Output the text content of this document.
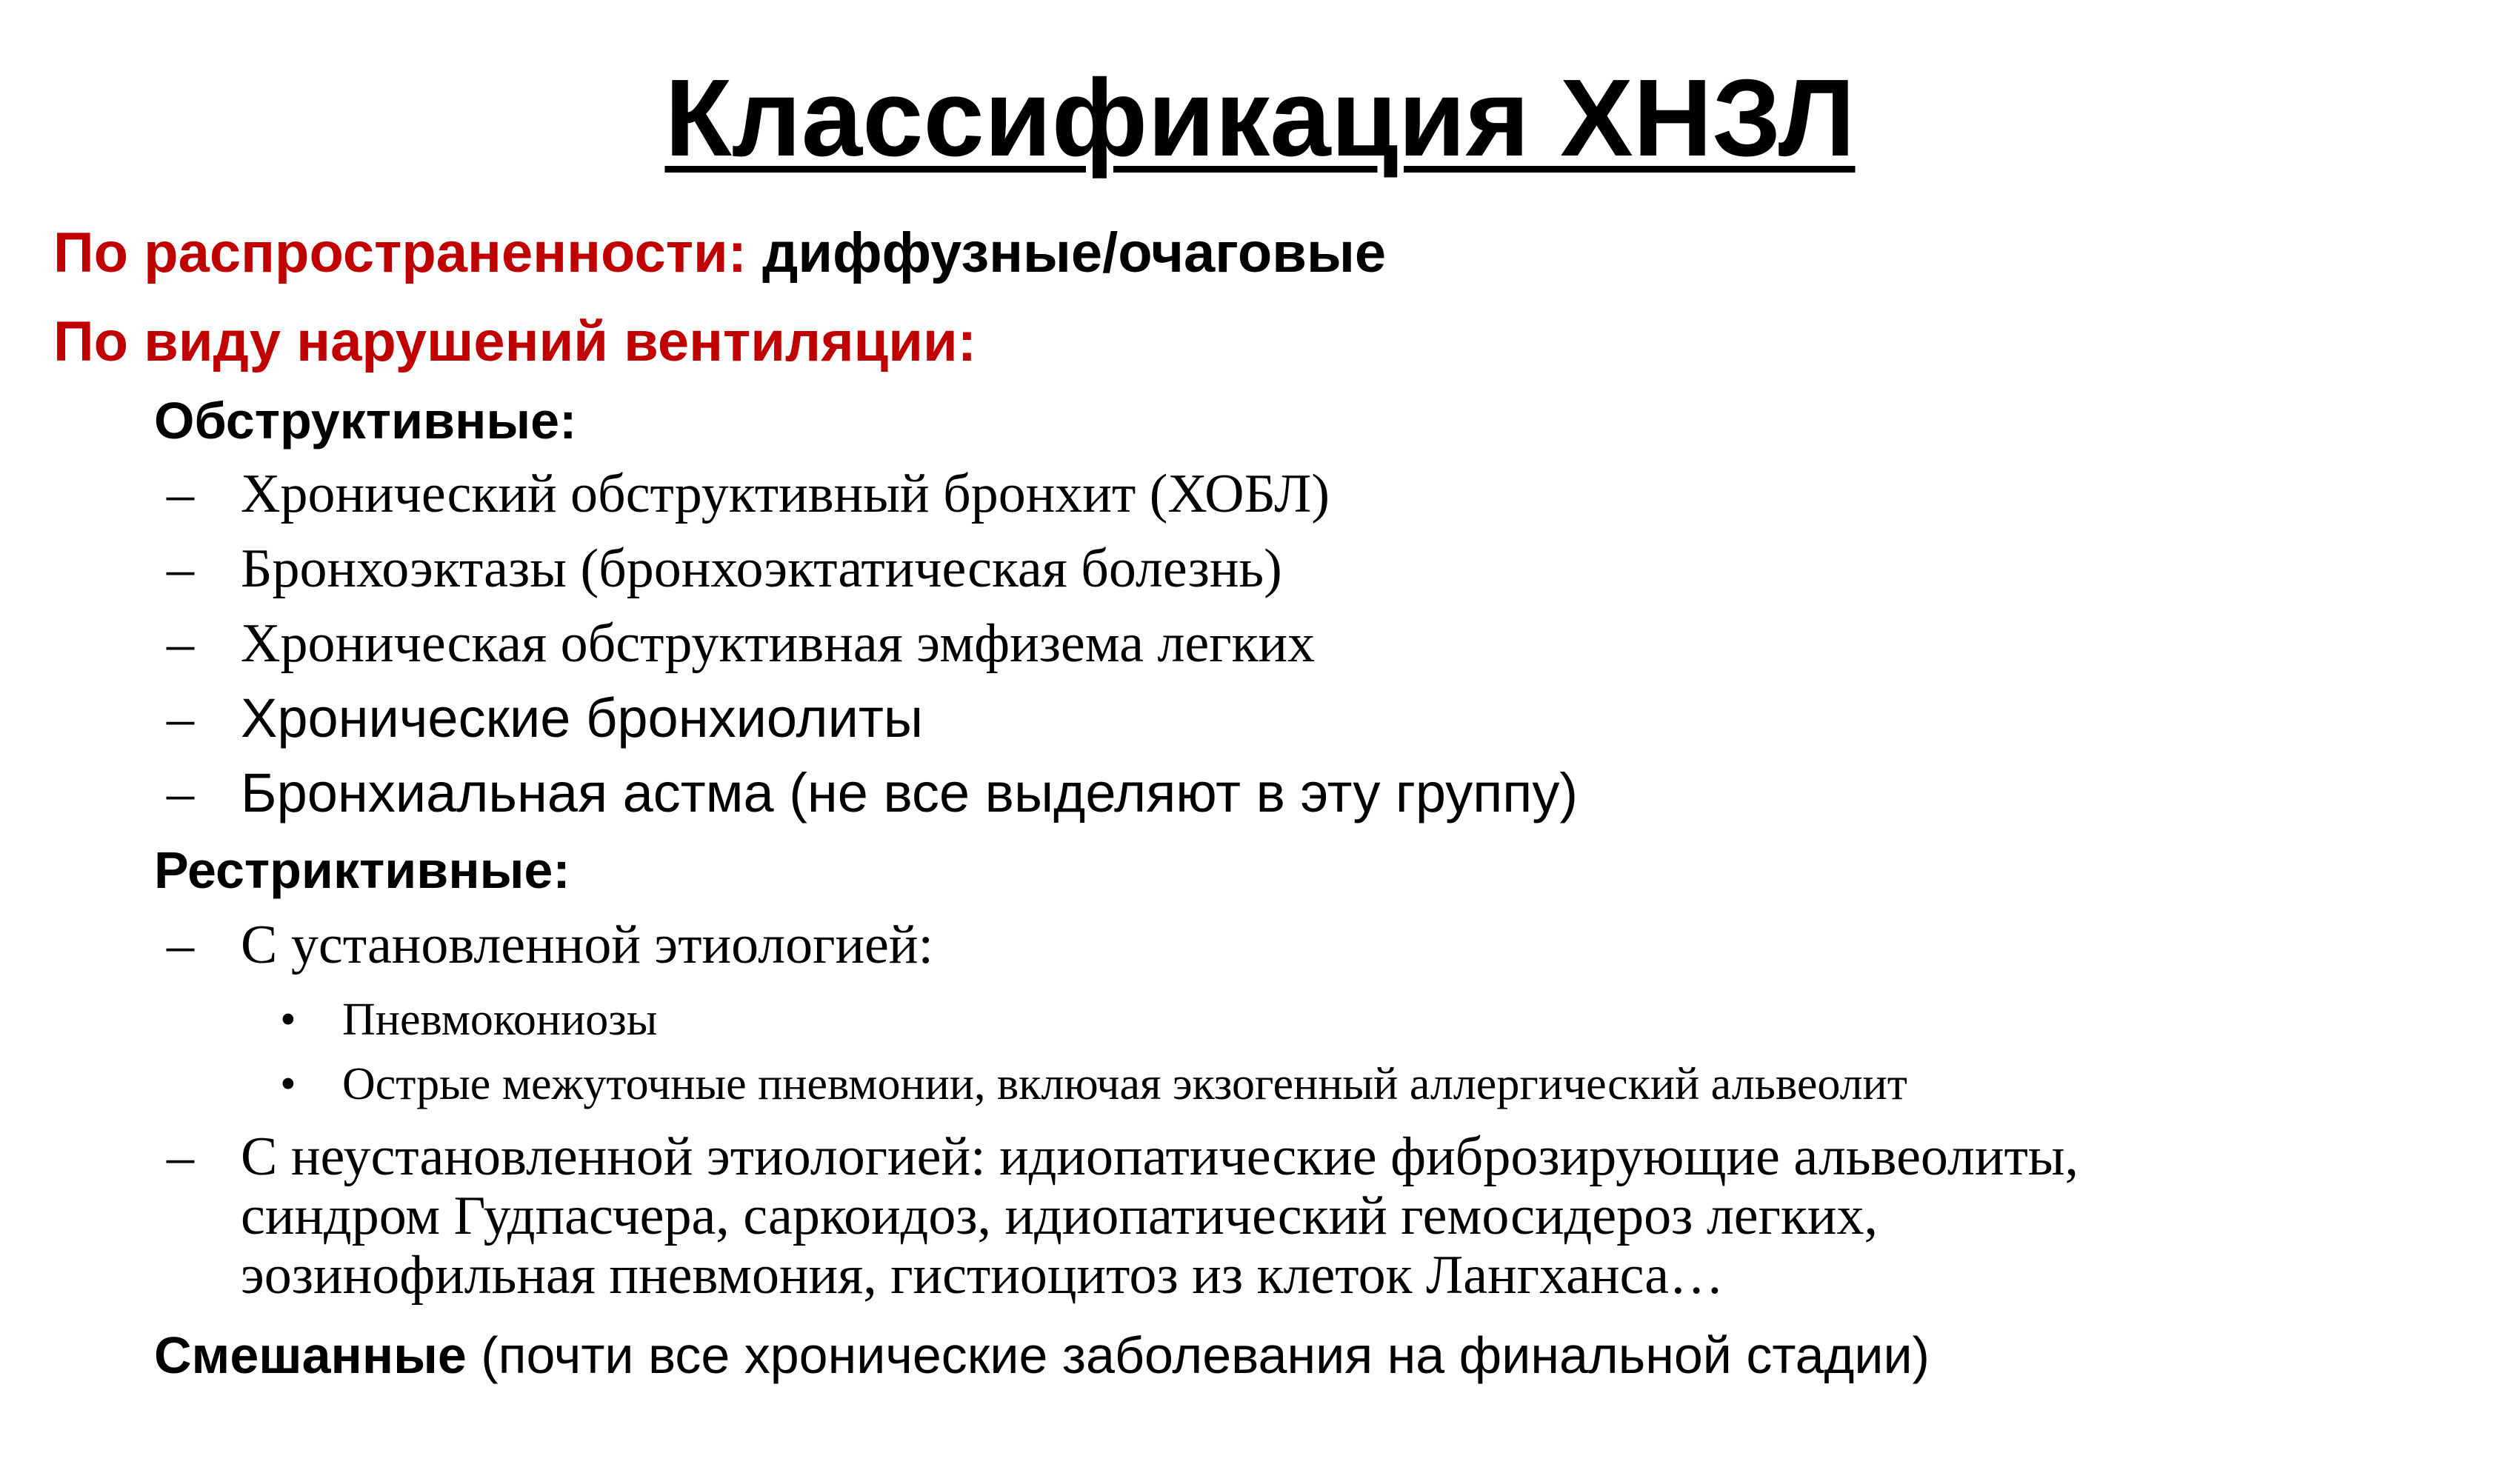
Классификация ХНЗЛ
По распространенности: диффузные/очаговые
По виду нарушений вентиляции:
Обструктивные:
– Хронический обструктивный бронхит (ХОБЛ)
– Бронхоэктазы (бронхоэктатическая болезнь)
– Хроническая обструктивная эмфизема легких
– Хронические бронхиолиты
– Бронхиальная астма (не все выделяют в эту группу)
Рестриктивные:
– С установленной этиологией:
• Пневмокониозы
• Острые межуточные пневмонии, включая экзогенный аллергический альвеолит
– С неустановленной этиологией: идиопатические фиброзирующие альвеолиты,
синдром Гудпасчера, саркоидоз, идиопатический гемосидероз легких,
эозинофильная пневмония, гистиоцитоз из клеток Лангханса…
Смешанные (почти все хронические заболевания на финальной стадии)
